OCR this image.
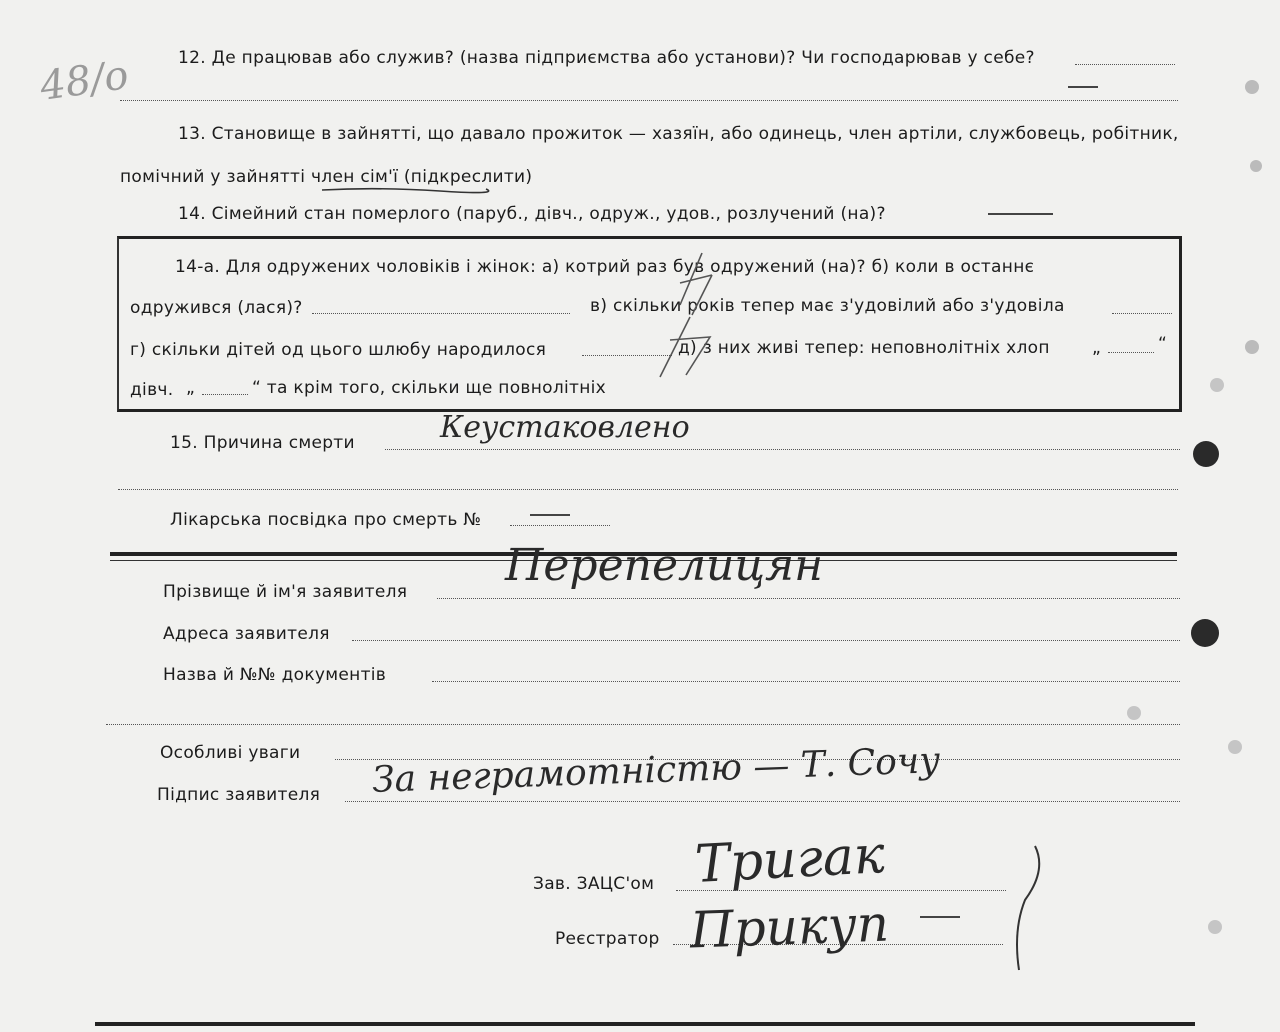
48/о	12. Де працював або служив? (назва підприємства або установи)? Чи господарював у себе?
13. Становище в зайнятті, що давало прожиток — хазяїн, або одинець, член артіли, службовець, робітник,
помічний у зайнятті член сім'ї (підкреслити)
14. Сімейний стан померлого (паруб., дівч., одруж., удов., розлучений (на)?
14-а. Для одружених чоловіків і жінок: а) котрий раз був одружений (на)? б) коли в останнє
одружився (лася)?	в) скільки років тепер має з'удовілий або з'удовіла
г) скільки дітей од цього шлюбу народилося	д) з них живі тепер: неповнолітніх хлоп „	“
дівч. „	“ та крім того, скільки ще повнолітніх
15. Причина смерти	Кеустаковлено
Лікарська посвідка про смерть №
Прізвище й ім'я заявителя
Перепелицян
Адреса заявителя
Назва й №№ документів
Особливі уваги За неграмотністю — Т. Сочу
Підпис заявителя
Зав. ЗАЦС'ом Тригак
Реєстратор Прикуп
